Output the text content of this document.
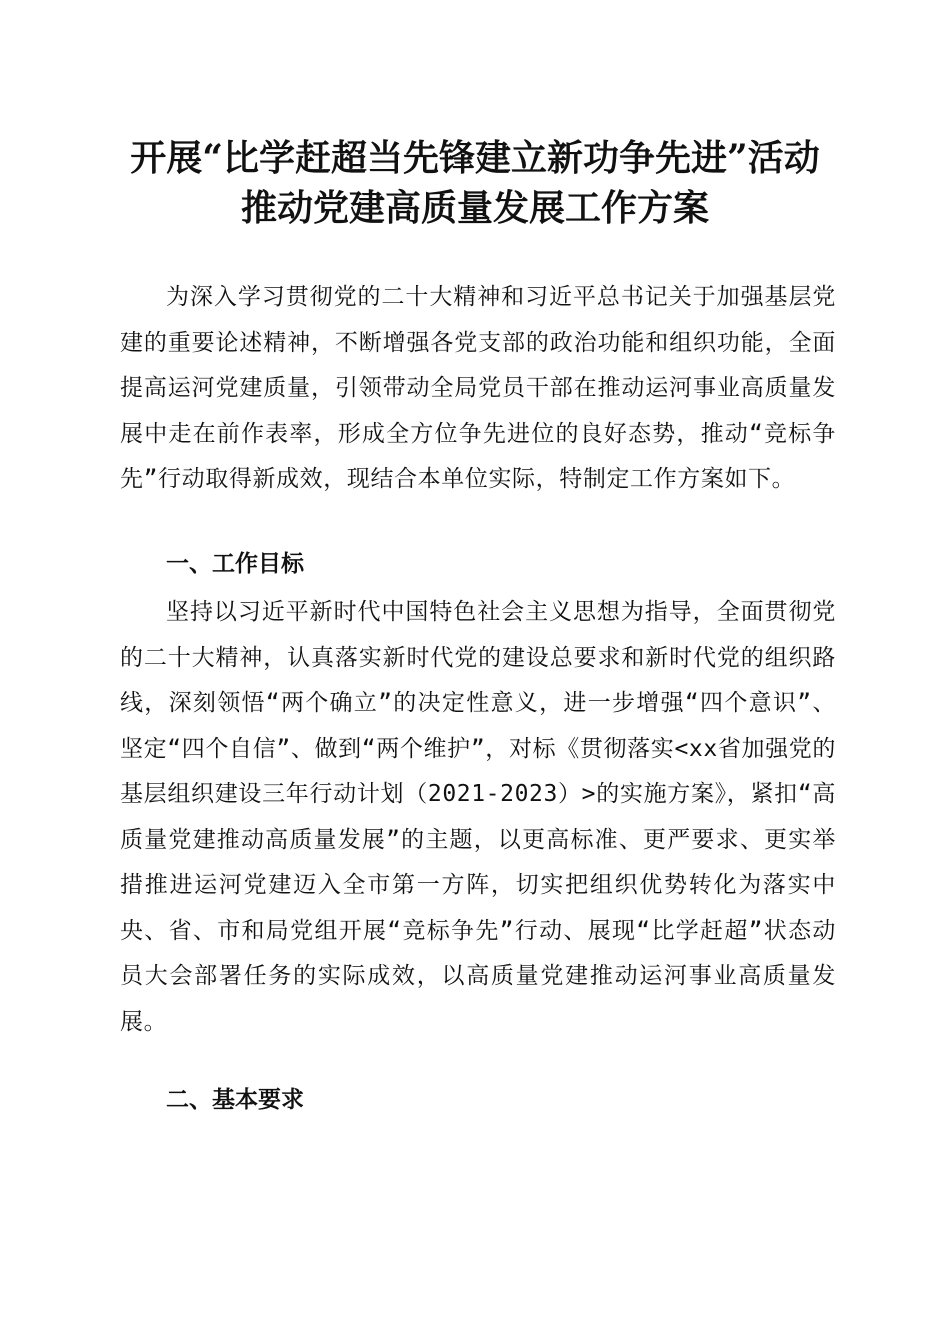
开展“比学赶超当先锋建立新功争先进”活动
推动党建高质量发展工作方案
为深入学习贯彻党的二十大精神和习近平总书记关于加强基层党建的重要论述精神，不断增强各党支部的政治功能和组织功能，全面提高运河党建质量，引领带动全局党员干部在推动运河事业高质量发展中走在前作表率，形成全方位争先进位的良好态势，推动“竞标争先”行动取得新成效，现结合本单位实际，特制定工作方案如下。
一、工作目标
坚持以习近平新时代中国特色社会主义思想为指导，全面贯彻党的二十大精神，认真落实新时代党的建设总要求和新时代党的组织路线，深刻领悟“两个确立”的决定性意义，进一步增强“四个意识”、坚定“四个自信”、做到“两个维护”，对标《贯彻落实<xx省加强党的基层组织建设三年行动计划（2021-2023）>的实施方案》，紧扣“高质量党建推动高质量发展”的主题，以更高标准、更严要求、更实举措推进运河党建迈入全市第一方阵，切实把组织优势转化为落实中央、省、市和局党组开展“竞标争先”行动、展现“比学赶超”状态动员大会部署任务的实际成效，以高质量党建推动运河事业高质量发展。
二、基本要求
